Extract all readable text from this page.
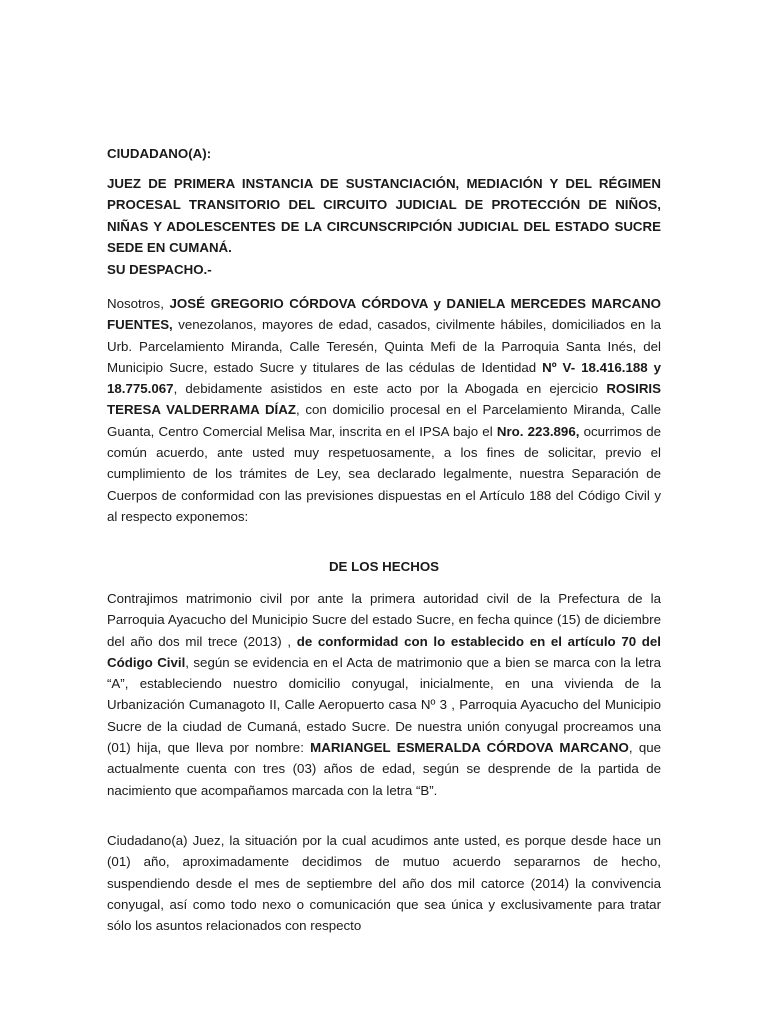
CIUDADANO(A):
JUEZ DE PRIMERA INSTANCIA DE SUSTANCIACIÓN, MEDIACIÓN Y DEL RÉGIMEN PROCESAL TRANSITORIO DEL CIRCUITO JUDICIAL DE PROTECCIÓN DE NIÑOS, NIÑAS Y ADOLESCENTES DE LA CIRCUNSCRIPCIÓN JUDICIAL DEL ESTADO SUCRE SEDE EN CUMANÁ.
SU DESPACHO.-
Nosotros, JOSÉ GREGORIO CÓRDOVA CÓRDOVA y DANIELA MERCEDES MARCANO FUENTES, venezolanos, mayores de edad, casados, civilmente hábiles, domiciliados en la Urb. Parcelamiento Miranda, Calle Teresén, Quinta Mefi de la Parroquia Santa Inés, del Municipio Sucre, estado Sucre y titulares de las cédulas de Identidad Nº V- 18.416.188 y 18.775.067, debidamente asistidos en este acto por la Abogada en ejercicio ROSIRIS TERESA VALDERRAMA DÍAZ, con domicilio procesal en el Parcelamiento Miranda, Calle Guanta, Centro Comercial Melisa Mar, inscrita en el IPSA bajo el Nro. 223.896, ocurrimos de común acuerdo, ante usted muy respetuosamente, a los fines de solicitar, previo el cumplimiento de los trámites de Ley, sea declarado legalmente, nuestra Separación de Cuerpos de conformidad con las previsiones dispuestas en el Artículo 188 del Código Civil y al respecto exponemos:
DE LOS HECHOS
Contrajimos matrimonio civil por ante la primera autoridad civil de la Prefectura de la Parroquia Ayacucho del Municipio Sucre del estado Sucre, en fecha quince (15) de diciembre del año dos mil trece (2013) , de conformidad con lo establecido en el artículo 70 del Código Civil, según se evidencia en el Acta de matrimonio que a bien se marca con la letra “A”, estableciendo nuestro domicilio conyugal, inicialmente, en una vivienda de la Urbanización Cumanagoto II, Calle Aeropuerto casa Nº 3 , Parroquia Ayacucho del Municipio Sucre de la ciudad de Cumaná, estado Sucre. De nuestra unión conyugal procreamos una (01) hija, que lleva por nombre: MARIANGEL ESMERALDA CÓRDOVA MARCANO, que actualmente cuenta con tres (03) años de edad, según se desprende de la partida de nacimiento que acompañamos marcada con la letra “B”.
Ciudadano(a) Juez, la situación por la cual acudimos ante usted, es porque desde hace un (01) año, aproximadamente decidimos de mutuo acuerdo separarnos de hecho, suspendiendo desde el mes de septiembre del año dos mil catorce (2014) la convivencia conyugal, así como todo nexo o comunicación que sea única y exclusivamente para tratar sólo los asuntos relacionados con respecto
